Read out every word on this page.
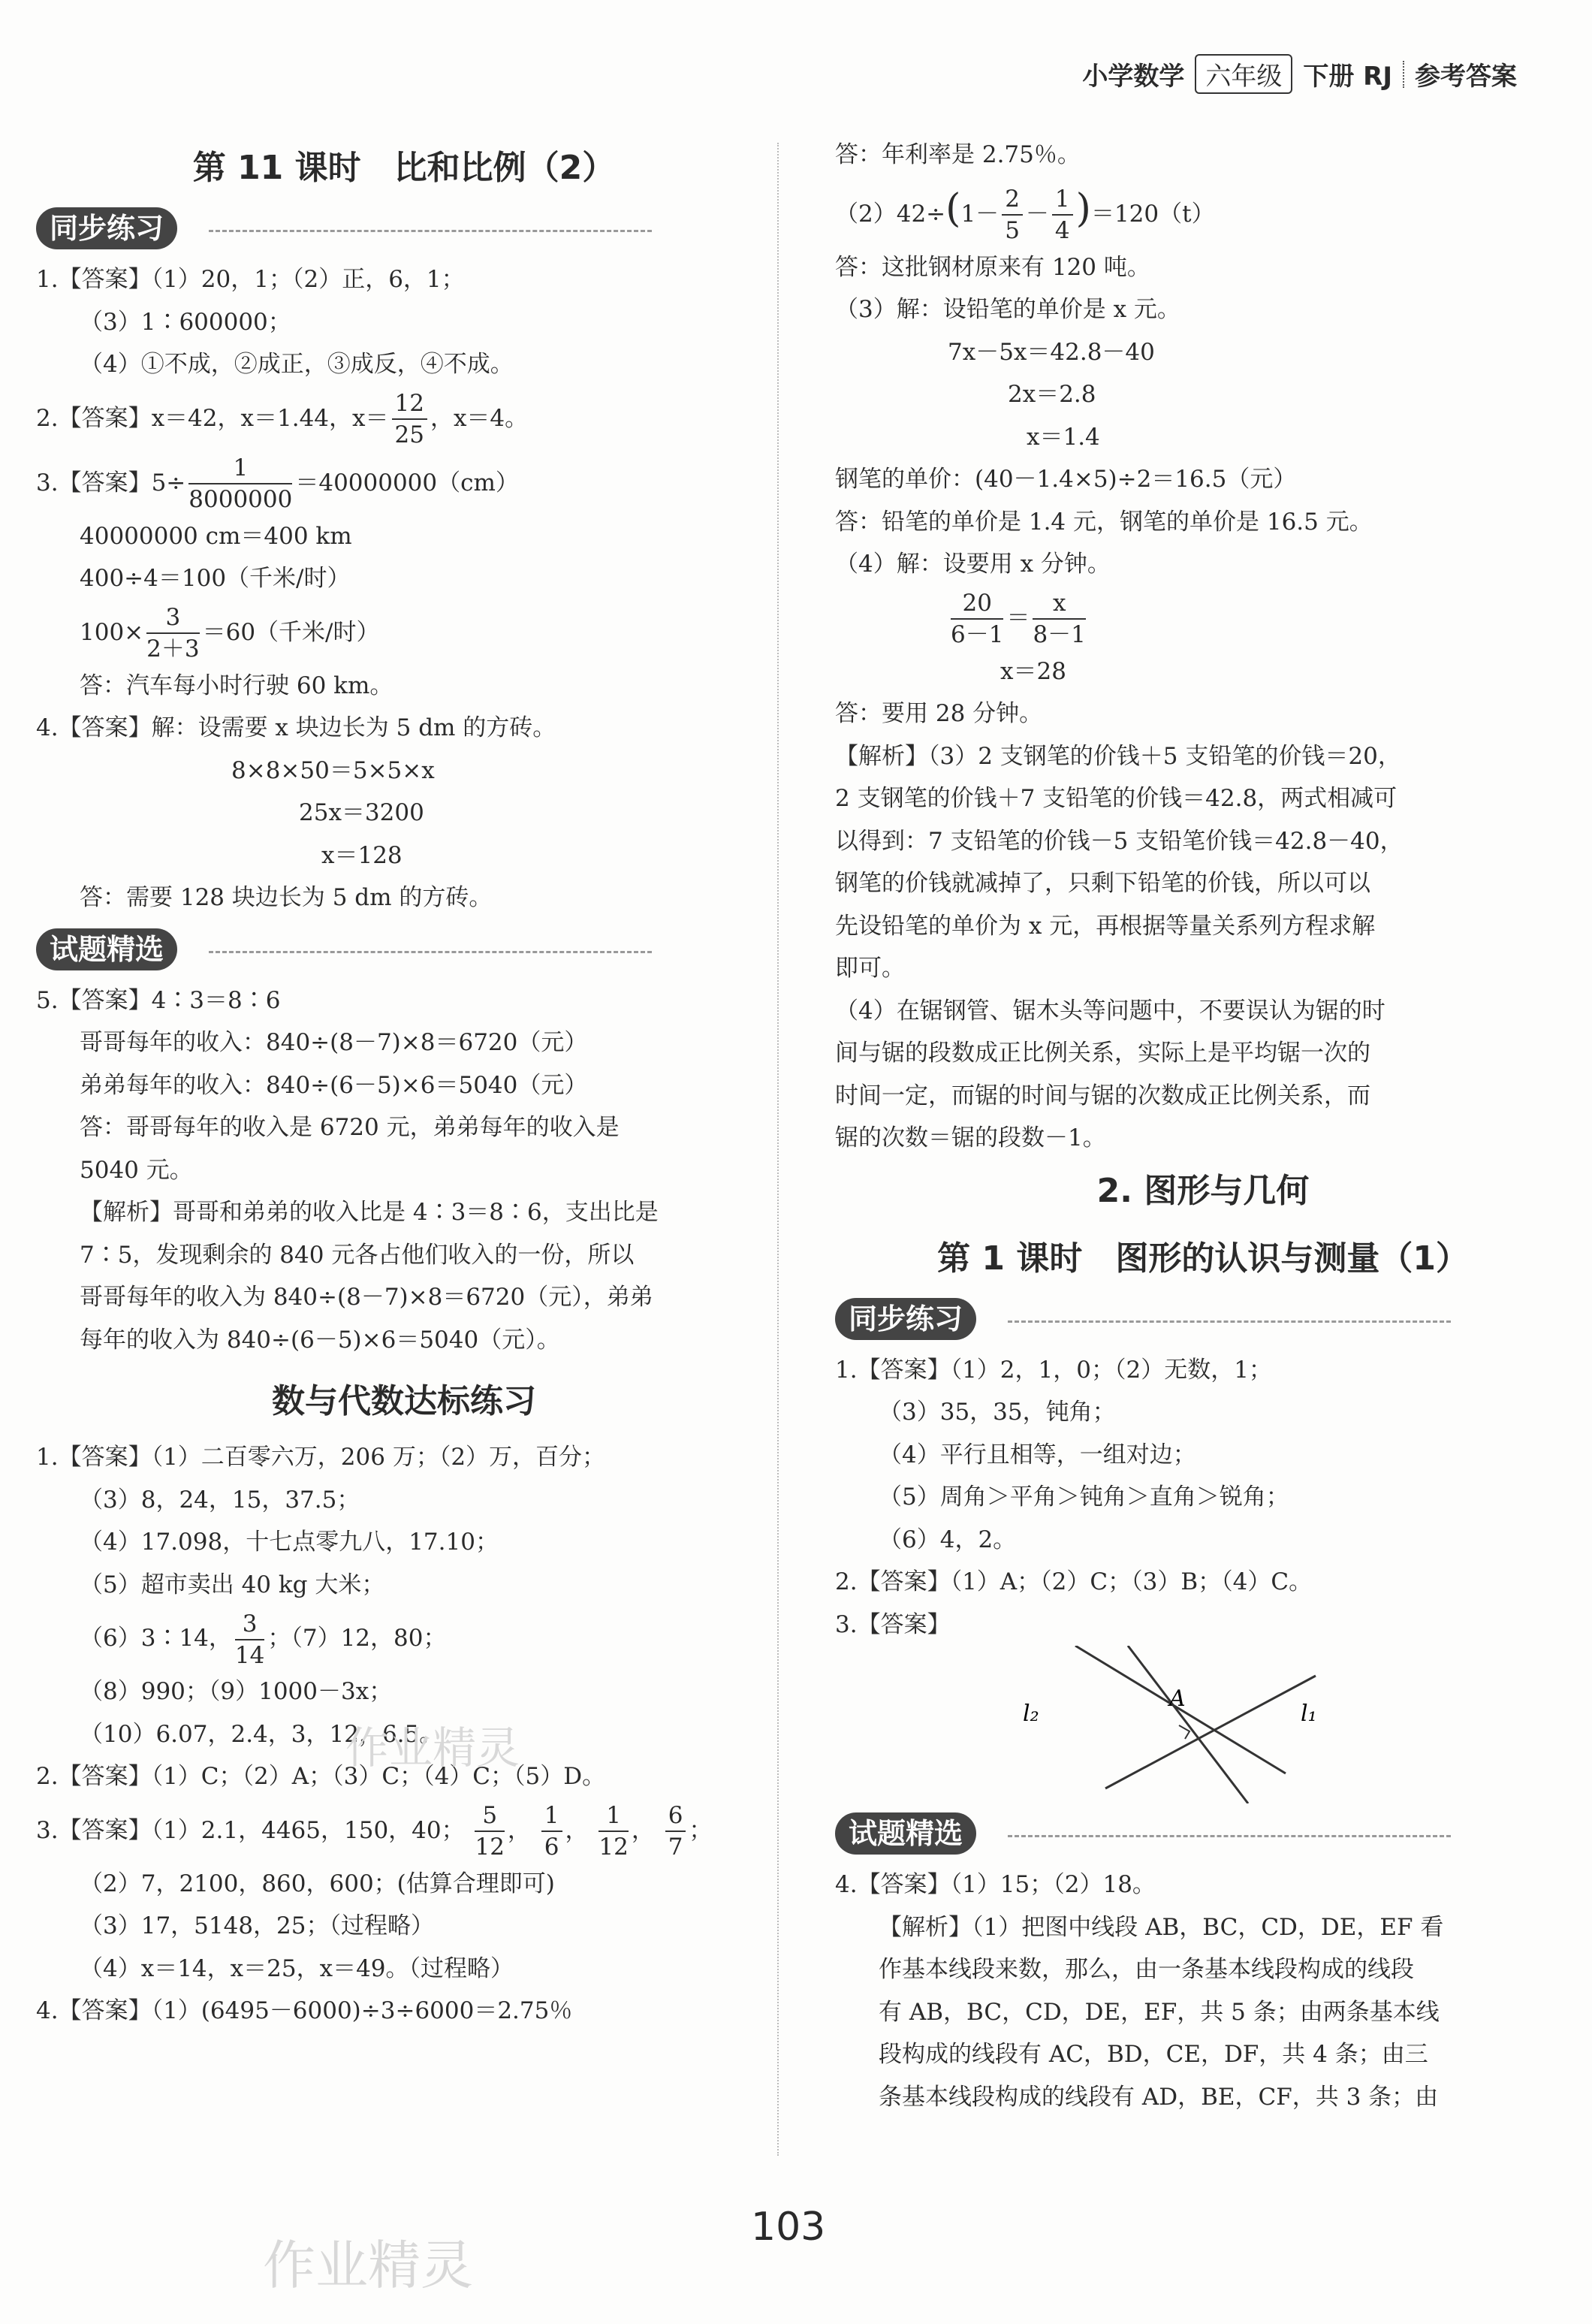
小学数学 六年级 下册 RJ 参考答案
第 11 课时　比和比例（2）
同步练习
1.【答案】（1）20，1；（2）正，6，1；
（3）1∶600000；
（4）①不成，②成正，③成反，④不成。
2.【答案】x＝42，x＝1.44，$x= \frac{12}{25}$ ，x＝4。
3.【答案】$5\div \frac{1}{8000000} =40000000(cm)$
40000000 cm＝400 km
400÷4＝100（千米/时）
$100\times \frac{3}{2+3} =60$（千米/时）
答：汽车每小时行驶 60 km。
4.【答案】解：设需要 x 块边长为 5 dm 的方砖。
8×8×50＝5×5×x
25x＝3200
x＝128
答：需要 128 块边长为 5 dm 的方砖。
试题精选
5.【答案】4∶3＝8∶6
哥哥每年的收入：840÷(8－7)×8＝6720（元）
弟弟每年的收入：840÷(6－5)×6＝5040（元）
答：哥哥每年的收入是 6720 元，弟弟每年的收入是
5040 元。
【解析】哥哥和弟弟的收入比是 4∶3＝8∶6，支出比是
7∶5，发现剩余的 840 元各占他们收入的一份，所以
哥哥每年的收入为 840÷(8－7)×8＝6720（元），弟弟
每年的收入为 840÷(6－5)×6＝5040（元）。
数与代数达标练习
1.【答案】（1）二百零六万，206 万；（2）万，百分；
（3）8，24，15，37.5；
（4）17.098，十七点零九八，17.10；
（5）超市卖出 40 kg 大米；
（6）3∶14， $\frac{3}{14}$ ；（7）12，80；
（8）990；（9）1000－3x；
（10）6.07，2.4，3，12，6.5。
2.【答案】（1）C；（2）A；（3）C；（4）C；（5）D。
3.【答案】（1）2.1，4465，150，40； $\frac{5}{12}$ ， $\frac{1}{6}$ ， $\frac{1}{12}$ ， $\frac{6}{7}$ ；
（2）7，2100，860，600；(估算合理即可)
（3）17，5148，25；（过程略）
（4）x＝14，x＝25，x＝49。（过程略）
4.【答案】（1）(6495－6000)÷3÷6000＝2.75％
答：年利率是 2.75％。
$(2)42\div(1- \frac{2}{5} - \frac{1}{4} )=120(t)$
答：这批钢材原来有 120 吨。
（3）解：设铅笔的单价是 x 元。
7x－5x＝42.8－40
2x＝2.8
x＝1.4
钢笔的单价：(40－1.4×5)÷2＝16.5（元）
答：铅笔的单价是 1.4 元，钢笔的单价是 16.5 元。
（4）解：设要用 x 分钟。
$\frac{20}{6-1} = \frac{x}{8-1}$
x＝28
答：要用 28 分钟。
【解析】（3）2 支钢笔的价钱＋5 支铅笔的价钱＝20，
2 支钢笔的价钱＋7 支铅笔的价钱＝42.8，两式相减可
以得到：7 支铅笔的价钱－5 支铅笔价钱＝42.8－40，
钢笔的价钱就减掉了，只剩下铅笔的价钱，所以可以
先设铅笔的单价为 x 元，再根据等量关系列方程求解
即可。
（4）在锯钢管、锯木头等问题中，不要误认为锯的时
间与锯的段数成正比例关系，实际上是平均锯一次的
时间一定，而锯的时间与锯的次数成正比例关系，而
锯的次数＝锯的段数－1。
2. 图形与几何
第 1 课时　图形的认识与测量（1）
同步练习
1.【答案】（1）2，1，0；（2）无数，1；
（3）35，35，钝角；
（4）平行且相等，一组对边；
（5）周角＞平角＞钝角＞直角＞锐角；
（6）4，2。
2.【答案】（1）A；（2）C；（3）B；（4）C。
3.【答案】
l₂
A
l₁
试题精选
4.【答案】（1）15；（2）18。
【解析】（1）把图中线段 AB，BC，CD，DE，EF 看
作基本线段来数，那么，由一条基本线段构成的线段
有 AB，BC，CD，DE，EF，共 5 条；由两条基本线
段构成的线段有 AC，BD，CE，DF，共 4 条；由三
条基本线段构成的线段有 AD，BE，CF，共 3 条；由
103
作业精灵
作业精灵
